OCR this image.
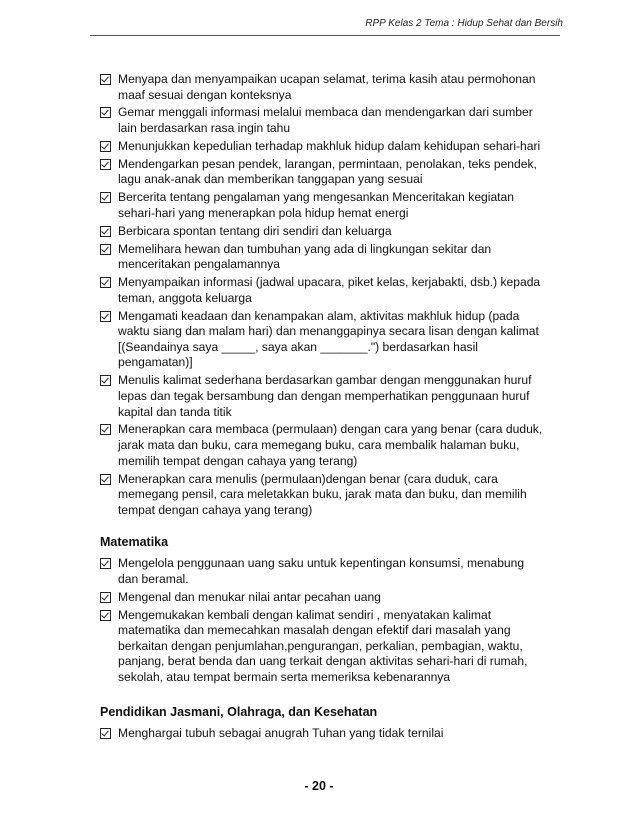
RPP Kelas 2 Tema : Hidup Sehat dan Bersih
Menyapa dan menyampaikan ucapan selamat, terima kasih atau permohonan
maaf sesuai dengan konteksnya
Gemar menggali informasi melalui membaca dan mendengarkan dari sumber
lain berdasarkan rasa ingin tahu
Menunjukkan kepedulian terhadap makhluk hidup dalam kehidupan sehari-hari
Mendengarkan pesan pendek, larangan, permintaan, penolakan, teks pendek,
lagu anak-anak dan memberikan tanggapan yang sesuai
Bercerita tentang pengalaman yang mengesankan Menceritakan kegiatan
sehari-hari yang menerapkan pola hidup hemat energi
Berbicara spontan tentang diri sendiri dan keluarga
Memelihara hewan dan tumbuhan yang ada di lingkungan sekitar dan
menceritakan pengalamannya
Menyampaikan informasi (jadwal upacara, piket kelas, kerjabakti, dsb.) kepada
teman, anggota keluarga
Mengamati keadaan dan kenampakan alam, aktivitas makhluk hidup (pada
waktu siang dan malam hari) dan menanggapinya secara lisan dengan kalimat
[(Seandainya saya _____, saya akan _______.") berdasarkan hasil
pengamatan)]
Menulis kalimat sederhana berdasarkan gambar dengan menggunakan huruf
lepas dan tegak bersambung dan dengan memperhatikan penggunaan huruf
kapital dan tanda titik
Menerapkan cara membaca (permulaan) dengan cara yang benar (cara duduk,
jarak mata dan buku, cara memegang buku, cara membalik halaman buku,
memilih tempat dengan cahaya yang terang)
Menerapkan cara menulis (permulaan)dengan benar (cara duduk, cara
memegang pensil, cara meletakkan buku, jarak mata dan buku, dan memilih
tempat dengan cahaya yang terang)
Matematika
Mengelola penggunaan uang saku untuk kepentingan konsumsi, menabung
dan beramal.
Mengenal dan menukar nilai antar pecahan uang
Mengemukakan kembali dengan kalimat sendiri , menyatakan kalimat
matematika dan memecahkan masalah dengan efektif dari masalah yang
berkaitan dengan penjumlahan,pengurangan, perkalian, pembagian, waktu,
panjang, berat benda dan uang terkait dengan aktivitas sehari-hari di rumah,
sekolah, atau tempat bermain serta memeriksa kebenarannya
Pendidikan Jasmani, Olahraga, dan Kesehatan
Menghargai tubuh sebagai anugrah Tuhan yang tidak ternilai
- 20 -
